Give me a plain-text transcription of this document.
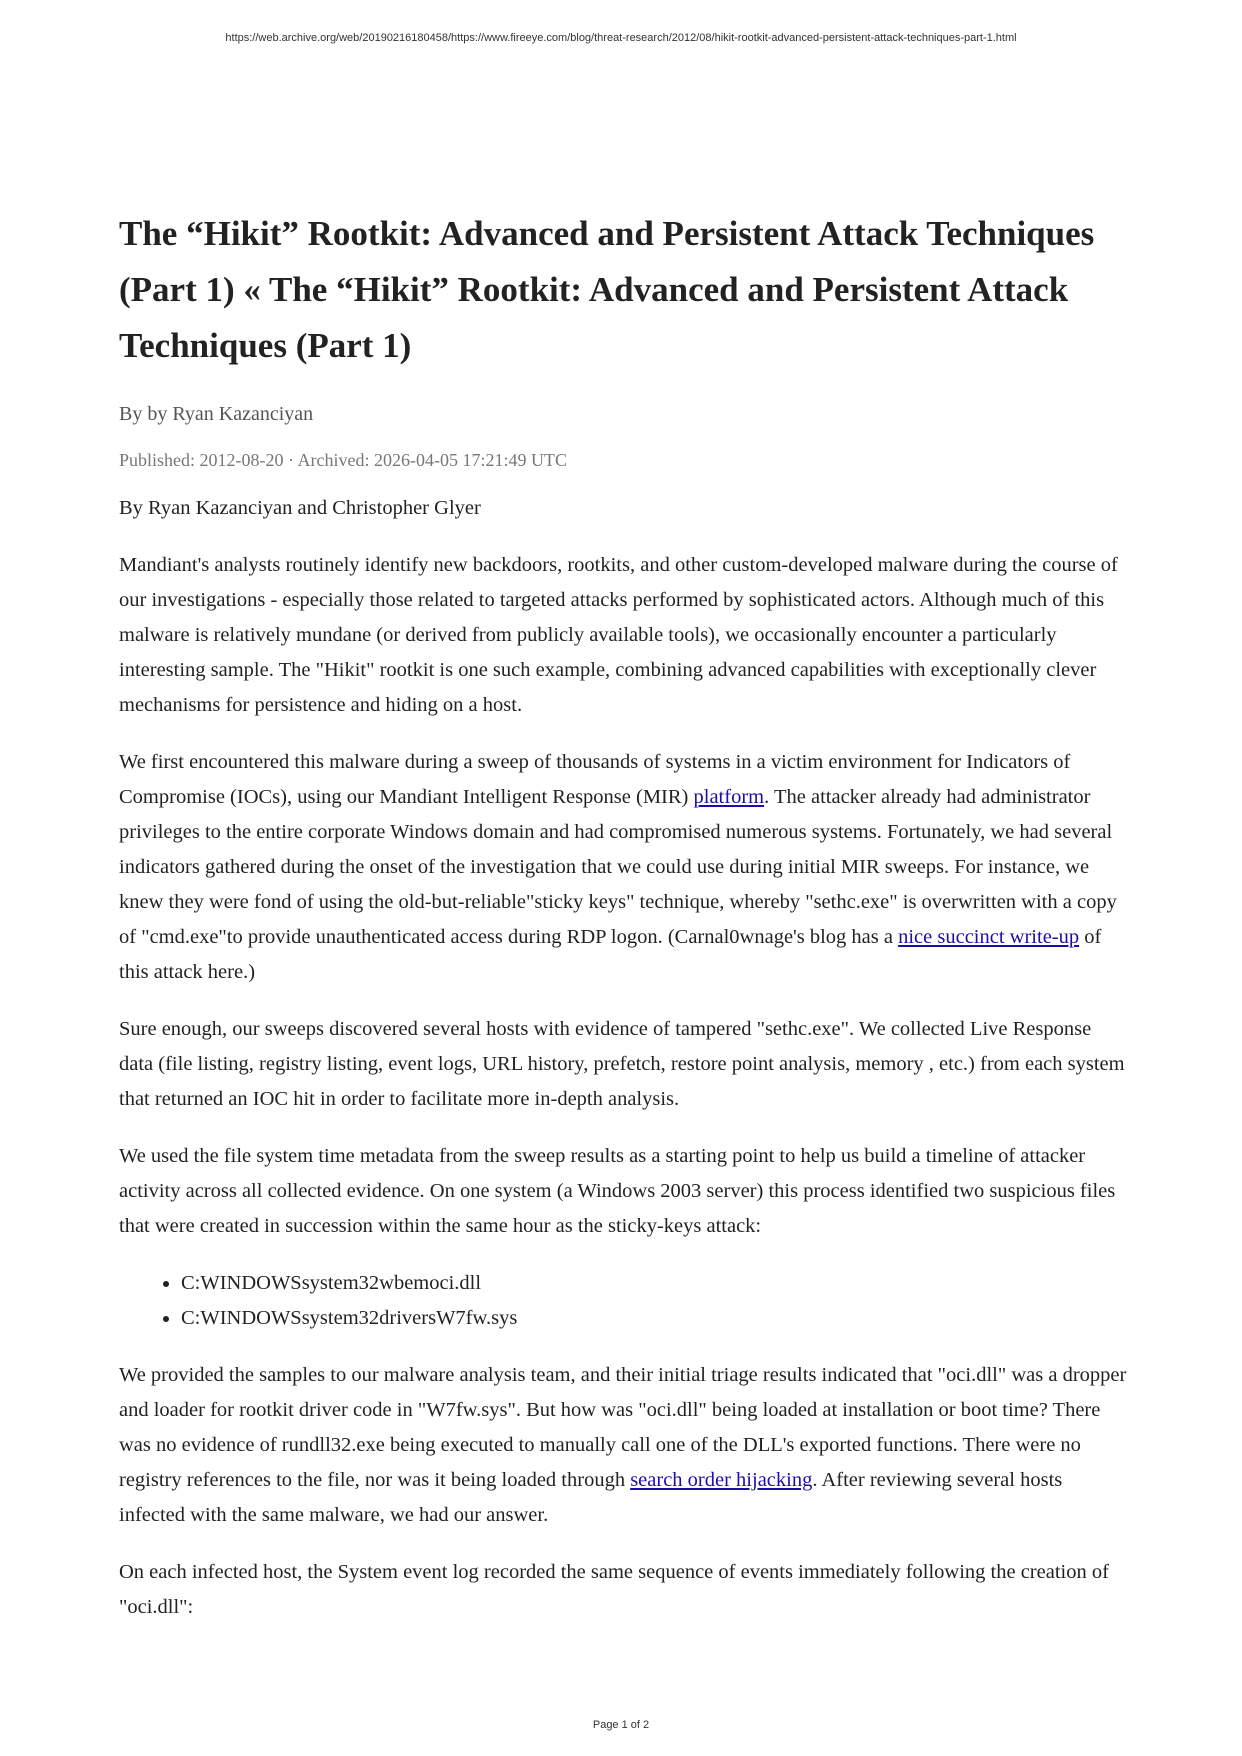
https://web.archive.org/web/20190216180458/https://www.fireeye.com/blog/threat-research/2012/08/hikit-rootkit-advanced-persistent-attack-techniques-part-1.html
The “Hikit” Rootkit: Advanced and Persistent Attack Techniques (Part 1) « The “Hikit” Rootkit: Advanced and Persistent Attack Techniques (Part 1)
By by Ryan Kazanciyan
Published: 2012-08-20 · Archived: 2026-04-05 17:21:49 UTC

By Ryan Kazanciyan and Christopher Glyer

Mandiant's analysts routinely identify new backdoors, rootkits, and other custom-developed malware during the course of our investigations - especially those related to targeted attacks performed by sophisticated actors. Although much of this malware is relatively mundane (or derived from publicly available tools), we occasionally encounter a particularly interesting sample. The "Hikit" rootkit is one such example, combining advanced capabilities with exceptionally clever mechanisms for persistence and hiding on a host.

We first encountered this malware during a sweep of thousands of systems in a victim environment for Indicators of Compromise (IOCs), using our Mandiant Intelligent Response (MIR) platform. The attacker already had administrator privileges to the entire corporate Windows domain and had compromised numerous systems. Fortunately, we had several indicators gathered during the onset of the investigation that we could use during initial MIR sweeps. For instance, we knew they were fond of using the old-but-reliable"sticky keys" technique, whereby "sethc.exe" is overwritten with a copy of "cmd.exe"to provide unauthenticated access during RDP logon. (Carnal0wnage's blog has a nice succinct write-up of this attack here.)

Sure enough, our sweeps discovered several hosts with evidence of tampered "sethc.exe". We collected Live Response data (file listing, registry listing, event logs, URL history, prefetch, restore point analysis, memory , etc.) from each system that returned an IOC hit in order to facilitate more in-depth analysis.

We used the file system time metadata from the sweep results as a starting point to help us build a timeline of attacker activity across all collected evidence. On one system (a Windows 2003 server) this process identified two suspicious files that were created in succession within the same hour as the sticky-keys attack:

• C:WINDOWSsystem32wbemoci.dll
• C:WINDOWSsystem32driversW7fw.sys

We provided the samples to our malware analysis team, and their initial triage results indicated that "oci.dll" was a dropper and loader for rootkit driver code in "W7fw.sys". But how was "oci.dll" being loaded at installation or boot time? There was no evidence of rundll32.exe being executed to manually call one of the DLL's exported functions. There were no registry references to the file, nor was it being loaded through search order hijacking. After reviewing several hosts infected with the same malware, we had our answer.

On each infected host, the System event log recorded the same sequence of events immediately following the creation of "oci.dll":

Page 1 of 2
